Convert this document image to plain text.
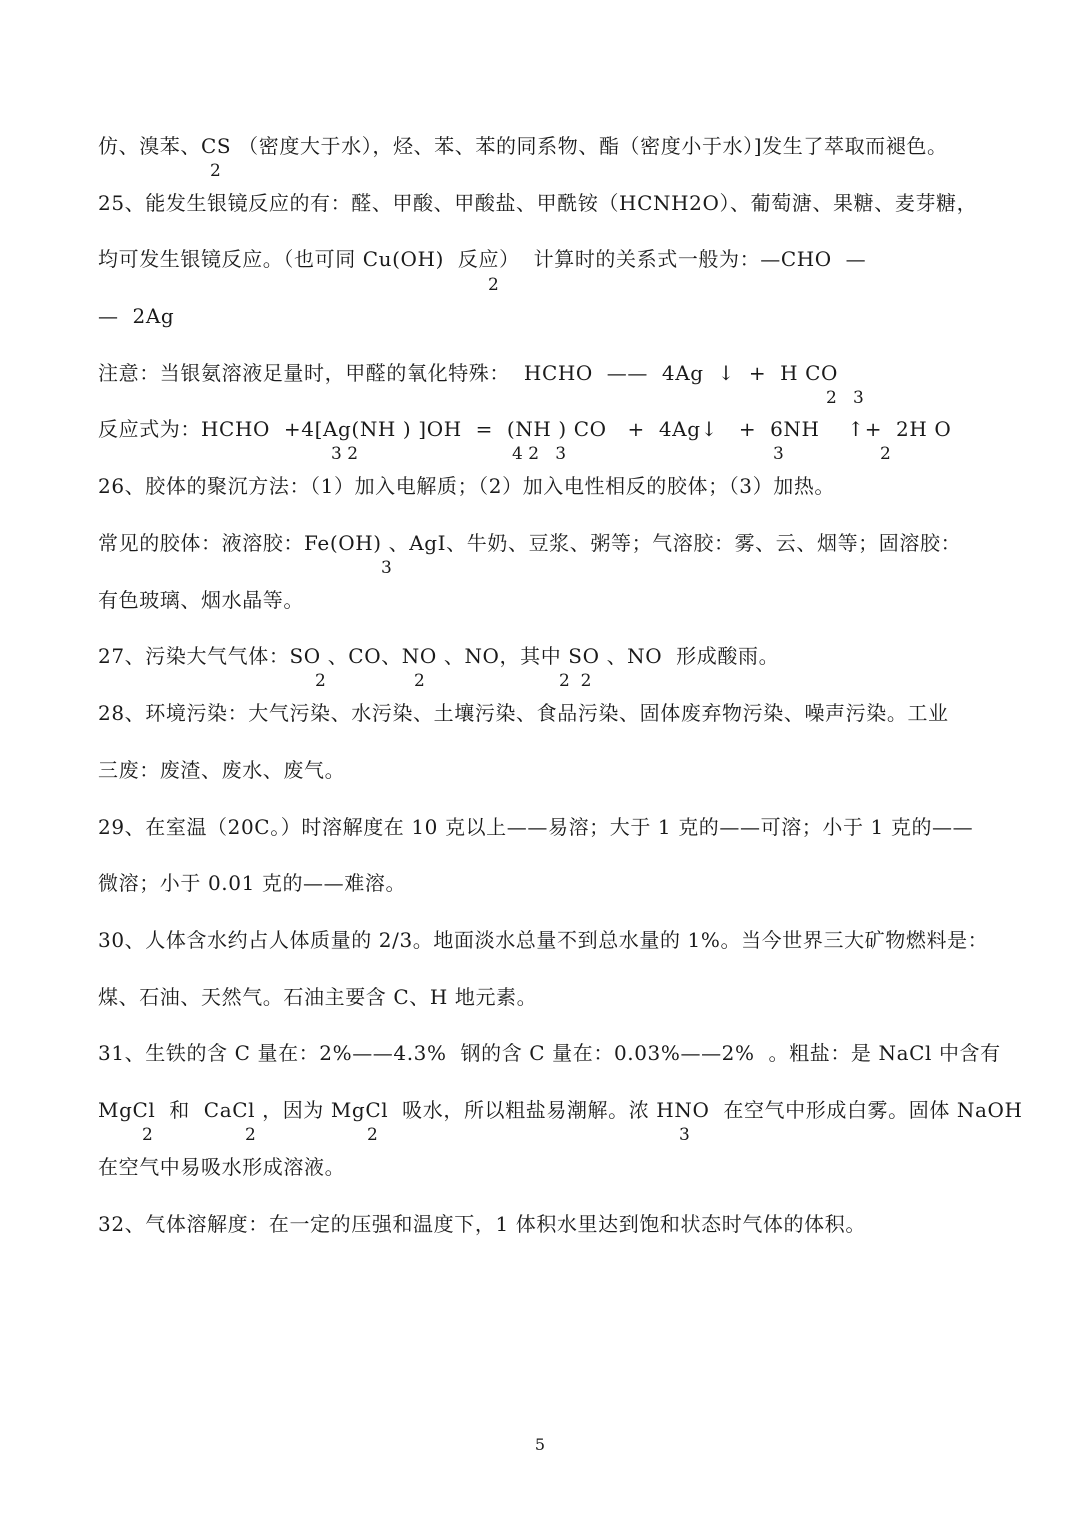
仿、溴苯、CS （密度大于水），烃、苯、苯的同系物、酯（密度小于水）]发生了萃取而褪色。
25、能发生银镜反应的有：醛、甲酸、甲酸盐、甲酰铵（HCNH2O）、葡萄溏、果糖、麦芽糖，
均可发生银镜反应。（也可同 Cu(OH)  反应）  计算时的关系式一般为：—CHO  —
—  2Ag
注意：当银氨溶液足量时，甲醛的氧化特殊：  HCHO  ——  4Ag  ↓  +  H CO
反应式为：HCHO  +4[Ag(NH ) ]OH  =  (NH ) CO   +  4Ag↓   +  6NH    ↑+  2H O
26、胶体的聚沉方法：（1）加入电解质；（2）加入电性相反的胶体；（3）加热。
常见的胶体：液溶胶：Fe(OH) 、AgI、牛奶、豆浆、粥等；气溶胶：雾、云、烟等；固溶胶：
有色玻璃、烟水晶等。
27、污染大气气体：SO 、CO、NO 、NO，其中 SO 、NO  形成酸雨。
28、环境污染：大气污染、水污染、土壤污染、食品污染、固体废弃物污染、噪声污染。工业
三废：废渣、废水、废气。
29、在室温（20C。）时溶解度在 10 克以上——易溶；大于 1 克的——可溶；小于 1 克的——
微溶；小于 0.01 克的——难溶。
30、人体含水约占人体质量的 2/3。地面淡水总量不到总水量的 1%。当今世界三大矿物燃料是：
煤、石油、天然气。石油主要含 C、H 地元素。
31、生铁的含 C 量在：2%——4.3%  钢的含 C 量在：0.03%——2%  。粗盐：是 NaCl 中含有
MgCl  和  CaCl ，因为 MgCl  吸水，所以粗盐易潮解。浓 HNO  在空气中形成白雾。固体 NaOH
在空气中易吸水形成溶液。
32、气体溶解度：在一定的压强和温度下，1 体积水里达到饱和状态时气体的体积。
2
2
2   3
3 2	4 2   3	3	2
3
2	2	2  2
2	2	2	3
5
